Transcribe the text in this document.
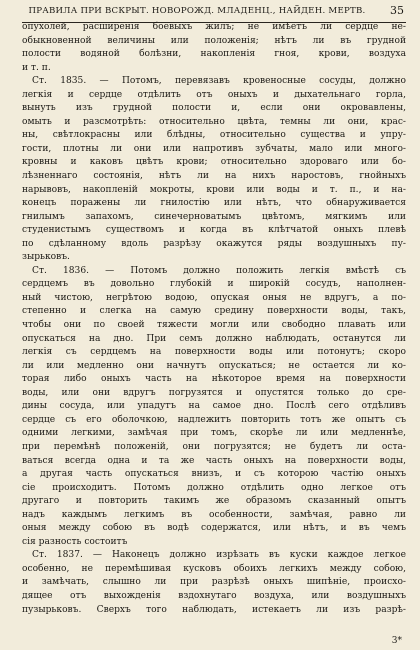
ПРАВИЛА ПРИ ВСКРЫТ. НОВОРОЖД. МЛАДЕНЦ., НАЙДЕН. МЕРТВ.	35
опухолей, расширенія боевыхъ жилъ; не имѣетъ ли сердце не-
обыкновенной величины или положенія; нѣтъ ли въ грудной
полости водяной болѣзни, накопленія гноя, крови, воздуха
и т. п.
Ст. 1835. — Потомъ, перевязавъ кровеносные сосуды, должно
легкія и сердце отдѣлить отъ оныхъ и дыхательнаго горла,
вынуть изъ грудной полости и, если они окровавлены,
омыть и разсмотрѣть: относительно цвѣта, темны ли они, крас-
ны, свѣтлокрасны или блѣдны, относительно существа и упру-
гости, плотны ли они или напротивъ зубчаты, мало или много-
кровны и каковъ цвѣтъ крови; относительно здороваго или бо-
лѣзненнаго состоянія, нѣтъ ли на нихъ наростовъ, гнойныхъ
нарывовъ, накопленій мокроты, крови или воды и т. п., и на-
конецъ поражены ли гнилостію или нѣтъ, что обнаруживается
гнилымъ запахомъ, синечерноватымъ цвѣтомъ, мягкимъ или
студенистымъ существомъ и когда въ клѣтчатой оныхъ плевѣ
по сдѣланному вдоль разрѣзу окажутся ряды воздушныхъ пу-
зырьковъ.
Ст. 1836. — Потомъ должно положить легкія вмѣстѣ съ
сердцемъ въ довольно глубокій и широкій сосудъ, наполнен-
ный чистою, негрѣтою водою, опуская оныя не вдругъ, а по-
степенно и слегка на самую средину поверхности воды, такъ,
чтобы они по своей тяжести могли или свободно плавать или
опускаться на дно. При семъ должно наблюдать, останутся ли
легкія съ сердцемъ на поверхности воды или потонутъ; скоро
ли или медленно они начнутъ опускаться; не остается ли ко-
торая либо оныхъ часть на нѣкоторое время на поверхности
воды, или они вдругъ погрузятся и опустятся только до сре-
дины сосуда, или упадутъ на самое дно. Послѣ сего отдѣливъ
сердце съ его оболочкою, надлежитъ повторить тотъ же опытъ съ
одними легкими, замѣчая при томъ, скорѣе ли или медленнѣе,
при перемѣнѣ положеній, они погрузятся; не будетъ ли оста-
ваться всегда одна и та же часть оныхъ на поверхности воды,
а другая часть опускаться внизъ, и съ которою частію оныхъ
сіе происходитъ. Потомъ должно отдѣлить одно легкое отъ
другаго и повторить такимъ же образомъ сказанный опытъ
надъ каждымъ легкимъ въ особенности, замѣчая, равно ли
оныя между собою въ водѣ содержатся, или нѣтъ, и въ чемъ
сія разность состоитъ
Ст. 1837. — Наконецъ должно изрѣзать въ куски каждое легкое
особенно, не перемѣшивая кусковъ обоихъ легкихъ между собою,
и замѣчать, слышно ли при разрѣзѣ оныхъ шипѣніе, происхо-
дящее отъ выхожденія вздохнутаго воздуха, или воздушныхъ
пузырьковъ. Сверхъ того наблюдать, истекаетъ ли изъ разрѣ-
3*
